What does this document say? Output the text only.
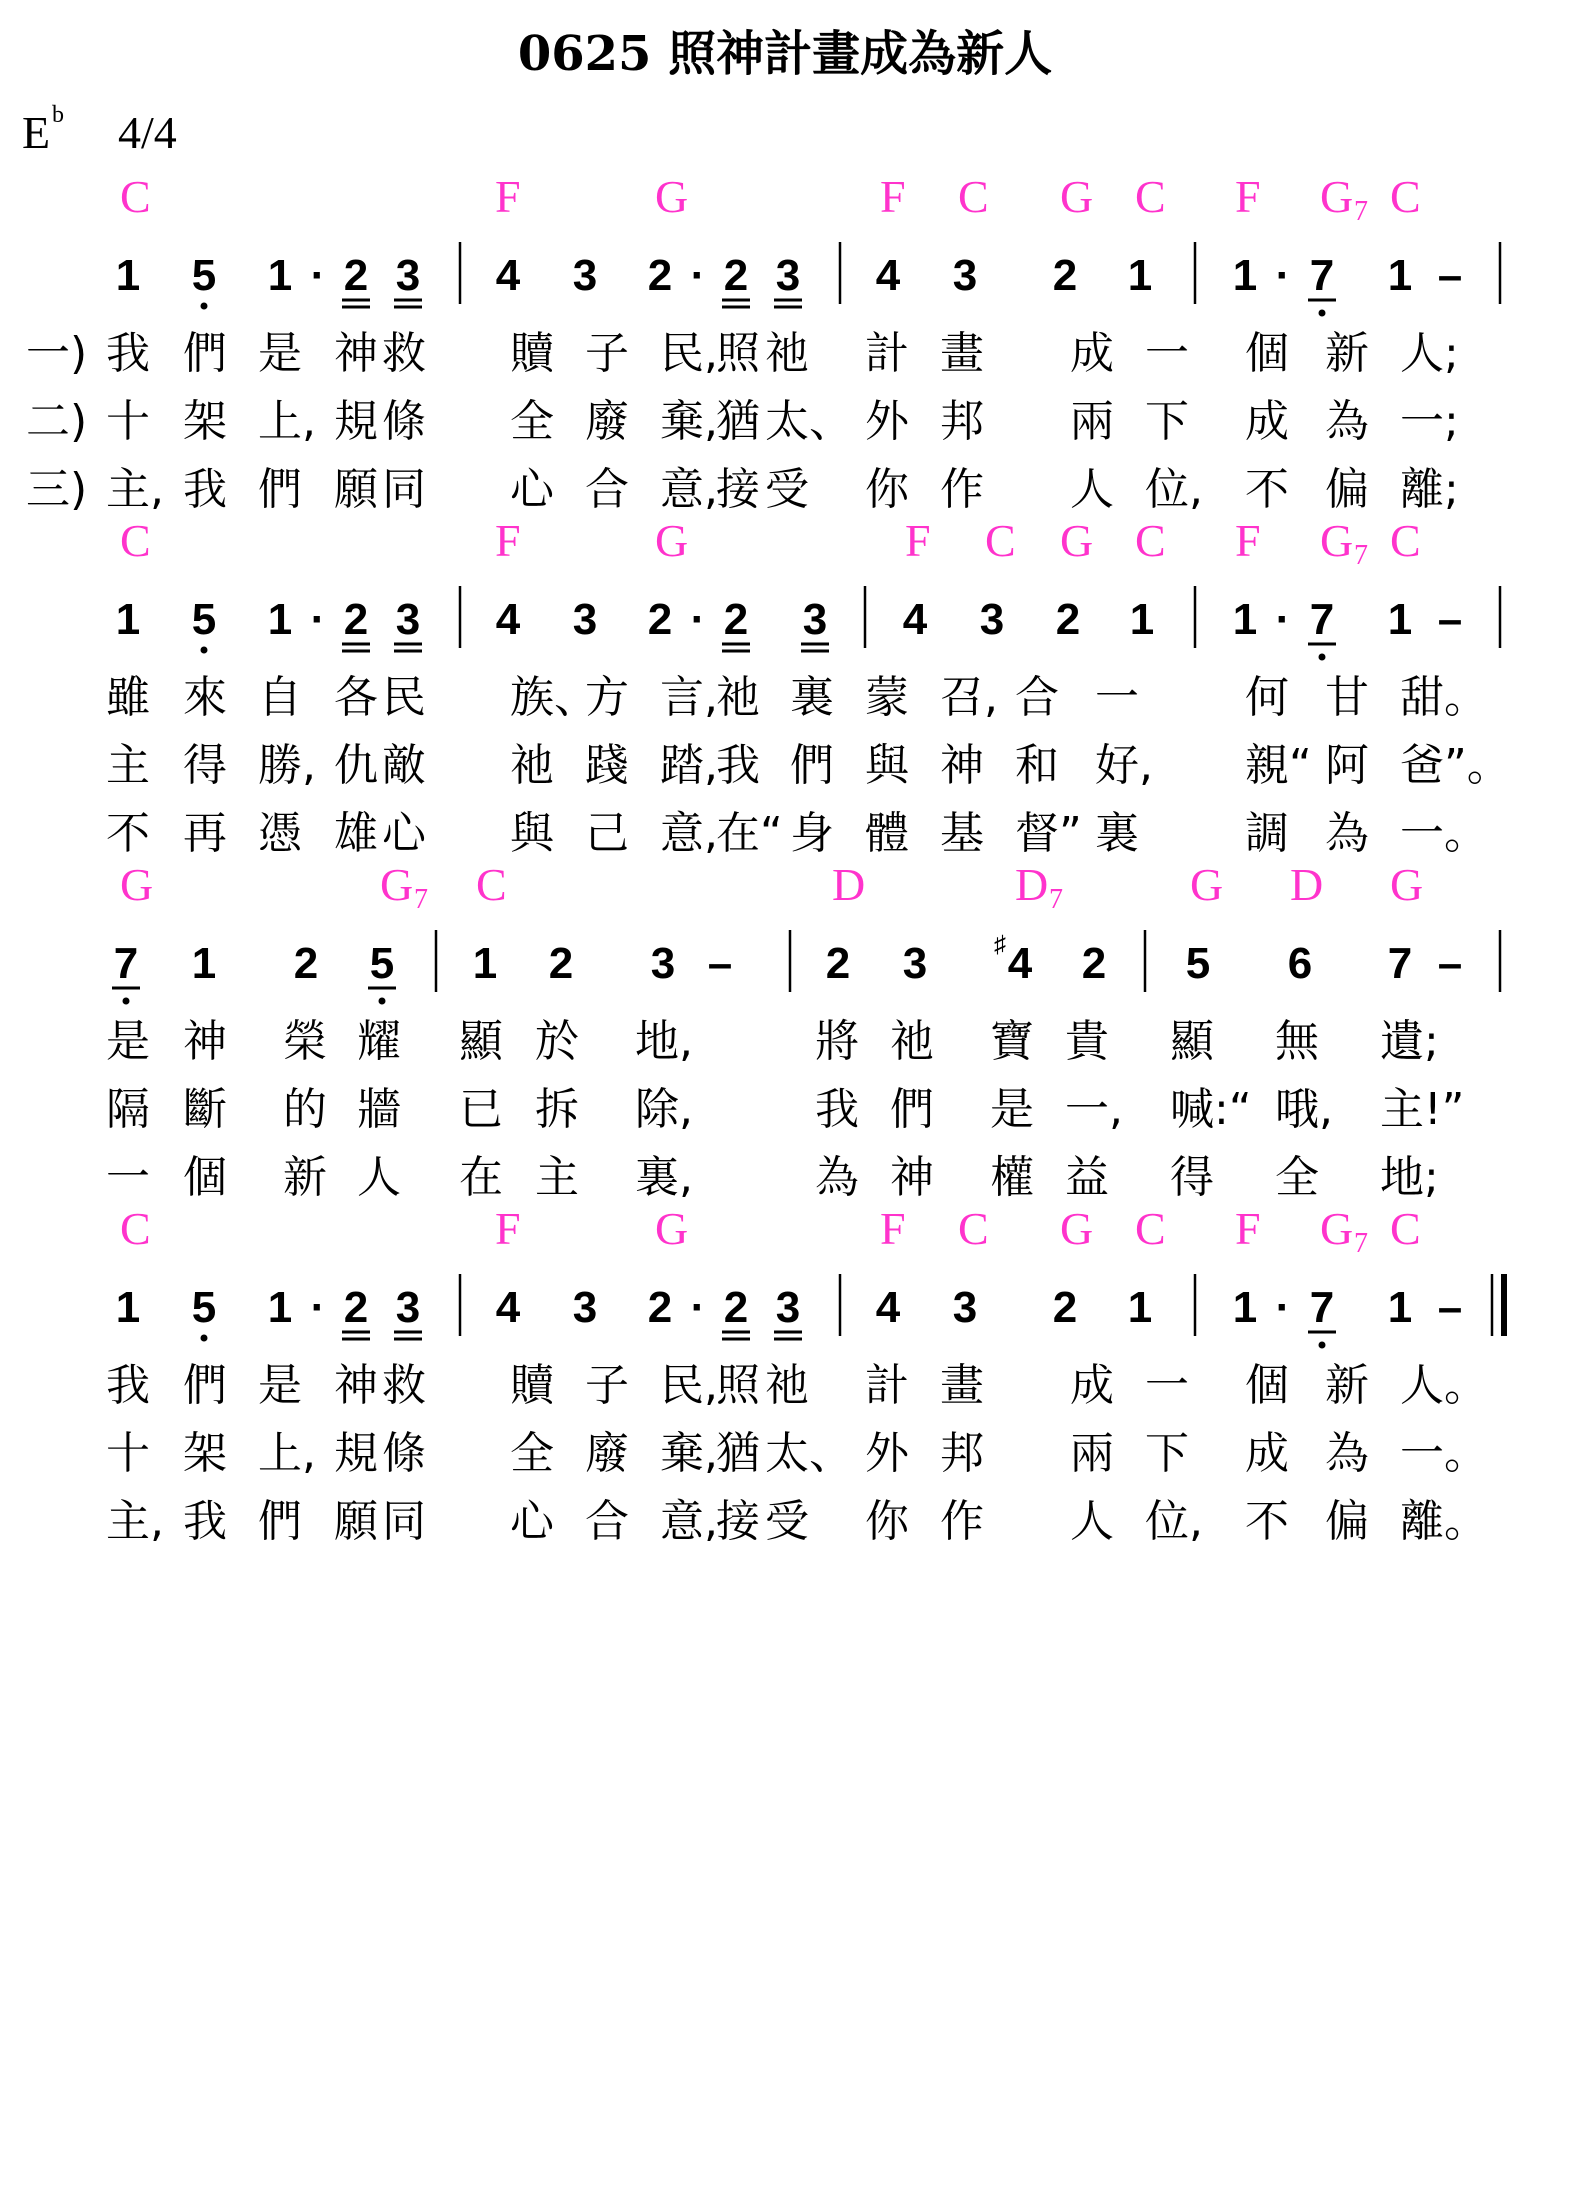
0625 照神計畫成為新人
E b 4/4
C	F	G	F C G C F G 7 C
1 5 1 · 2 3 4 3 2 · 2 3 4 3 2 1 1 · 7 1 –
一) 我 們 是 神 救 贖 子 民,
照 祂 計 畫 成 一 個 新 人;
二) 十 架 上, 規 條 全 廢 棄,
猶 太、 外 邦 兩 下 成 為 一;
三) 主, 我 們 願 同 心 合 意,
接 受 你 作 人 位, 不 偏 離;
C	F	G	F C G C F G 7 C
1 5 1 · 2 3 4 3 2 · 2 3 4 3 2 1 1 · 7 1 –
雖 來 自 各 民 族、
方 言,
祂 裏 蒙 召, 合 一 何 甘 甜。
主 得 勝, 仇 敵 祂 踐 踏,
我 們 與 神 和 好, 親“ 阿 爸”。
不 再 憑 雄 心 與 己 意,
在“ 身 體 基 督” 裏 調 為 一。
G	G 7 C	D	D 7	G D G
7 1 2 5 1 2 3 – 2 3 4
♯ 2 5 6 7 –
是 神 榮 耀 顯 於 地,	將 祂 寶 貴 顯 無 遺;
隔 斷 的 牆 已 拆 除,	我 們 是 一, 喊:“ 哦, 主!”
一 個 新 人 在 主 裏,	為 神 權 益 得 全 地;
C	F	G	F C G C F G 7 C
1 5 1 · 2 3 4 3 2 · 2 3 4 3 2 1 1 · 7 1 –
我 們 是 神 救 贖 子 民,
照 祂 計 畫 成 一 個 新 人。
十 架 上, 規 條 全 廢 棄,
猶 太、 外 邦 兩 下 成 為 一。
主, 我 們 願 同 心 合 意,
接 受 你 作 人 位, 不 偏 離。
